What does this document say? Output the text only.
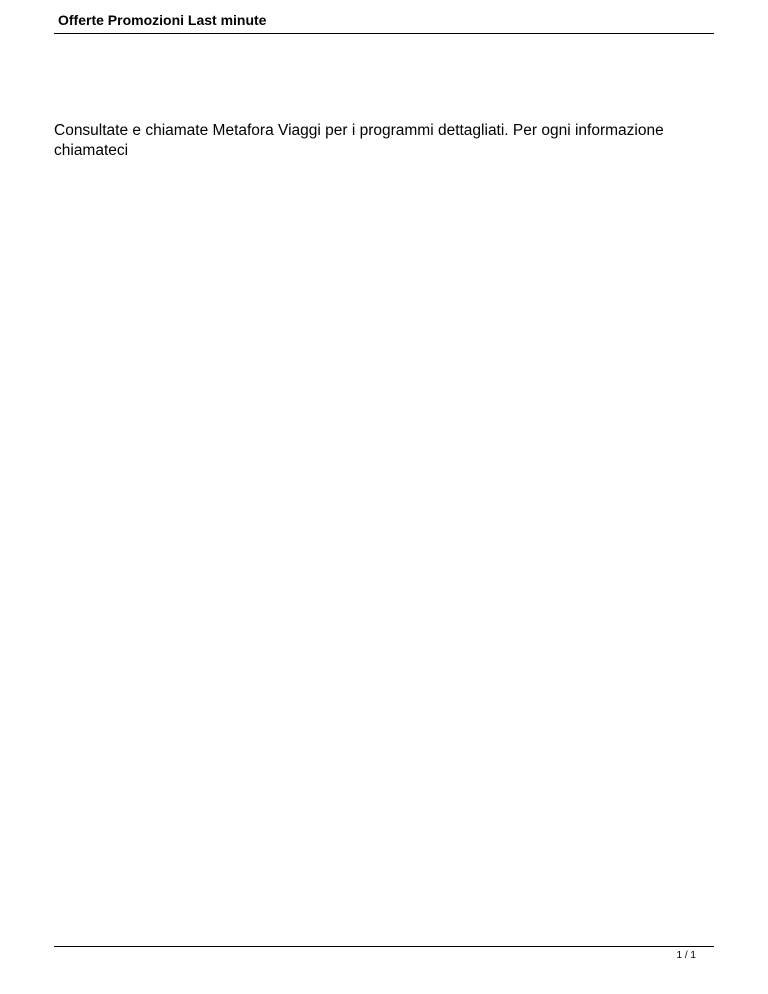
Offerte Promozioni Last minute
Consultate e chiamate Metafora Viaggi per i programmi dettagliati. Per ogni informazione chiamateci
1 / 1
